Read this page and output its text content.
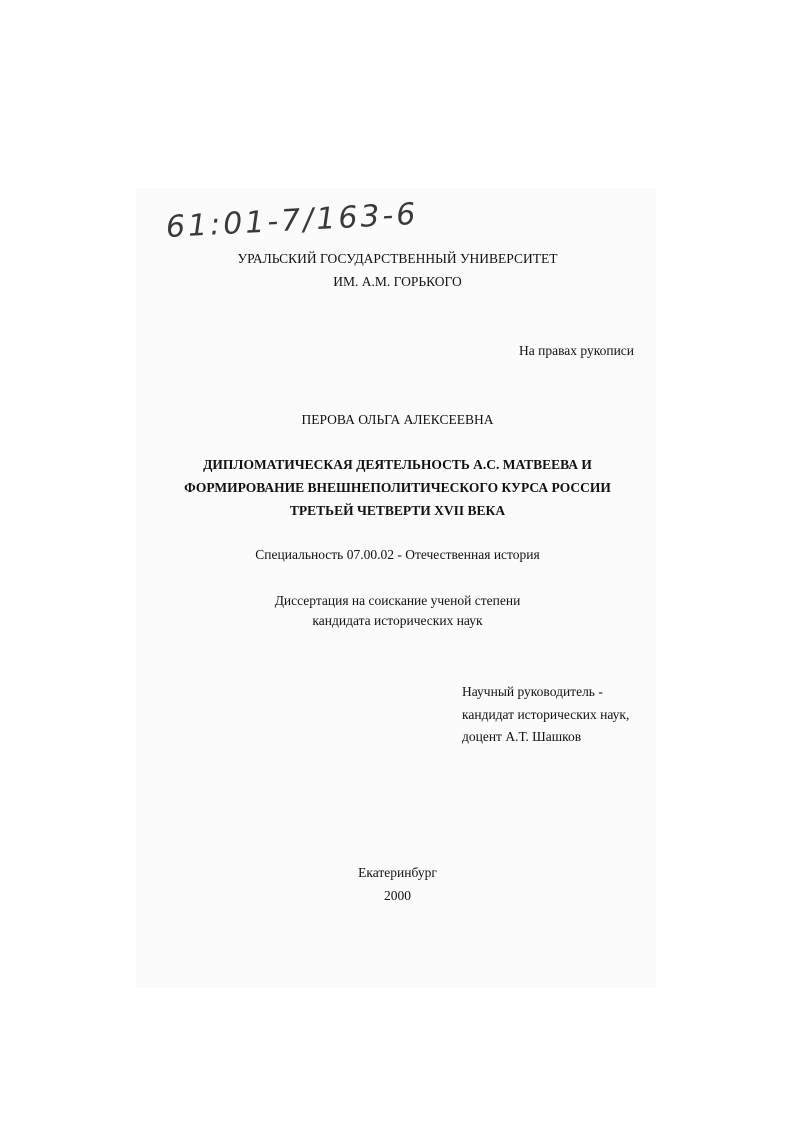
61:01-7/163-6
УРАЛЬСКИЙ ГОСУДАРСТВЕННЫЙ УНИВЕРСИТЕТ
ИМ. А.М. ГОРЬКОГО
На правах рукописи
ПЕРОВА ОЛЬГА АЛЕКСЕЕВНА
ДИПЛОМАТИЧЕСКАЯ ДЕЯТЕЛЬНОСТЬ А.С. МАТВЕЕВА И
ФОРМИРОВАНИЕ ВНЕШНЕПОЛИТИЧЕСКОГО КУРСА РОССИИ
ТРЕТЬЕЙ ЧЕТВЕРТИ XVII ВЕКА
Специальность 07.00.02 - Отечественная история
Диссертация на соискание ученой степени
кандидата исторических наук
Научный руководитель -
кандидат исторических наук,
доцент А.Т. Шашков
Екатеринбург
2000
